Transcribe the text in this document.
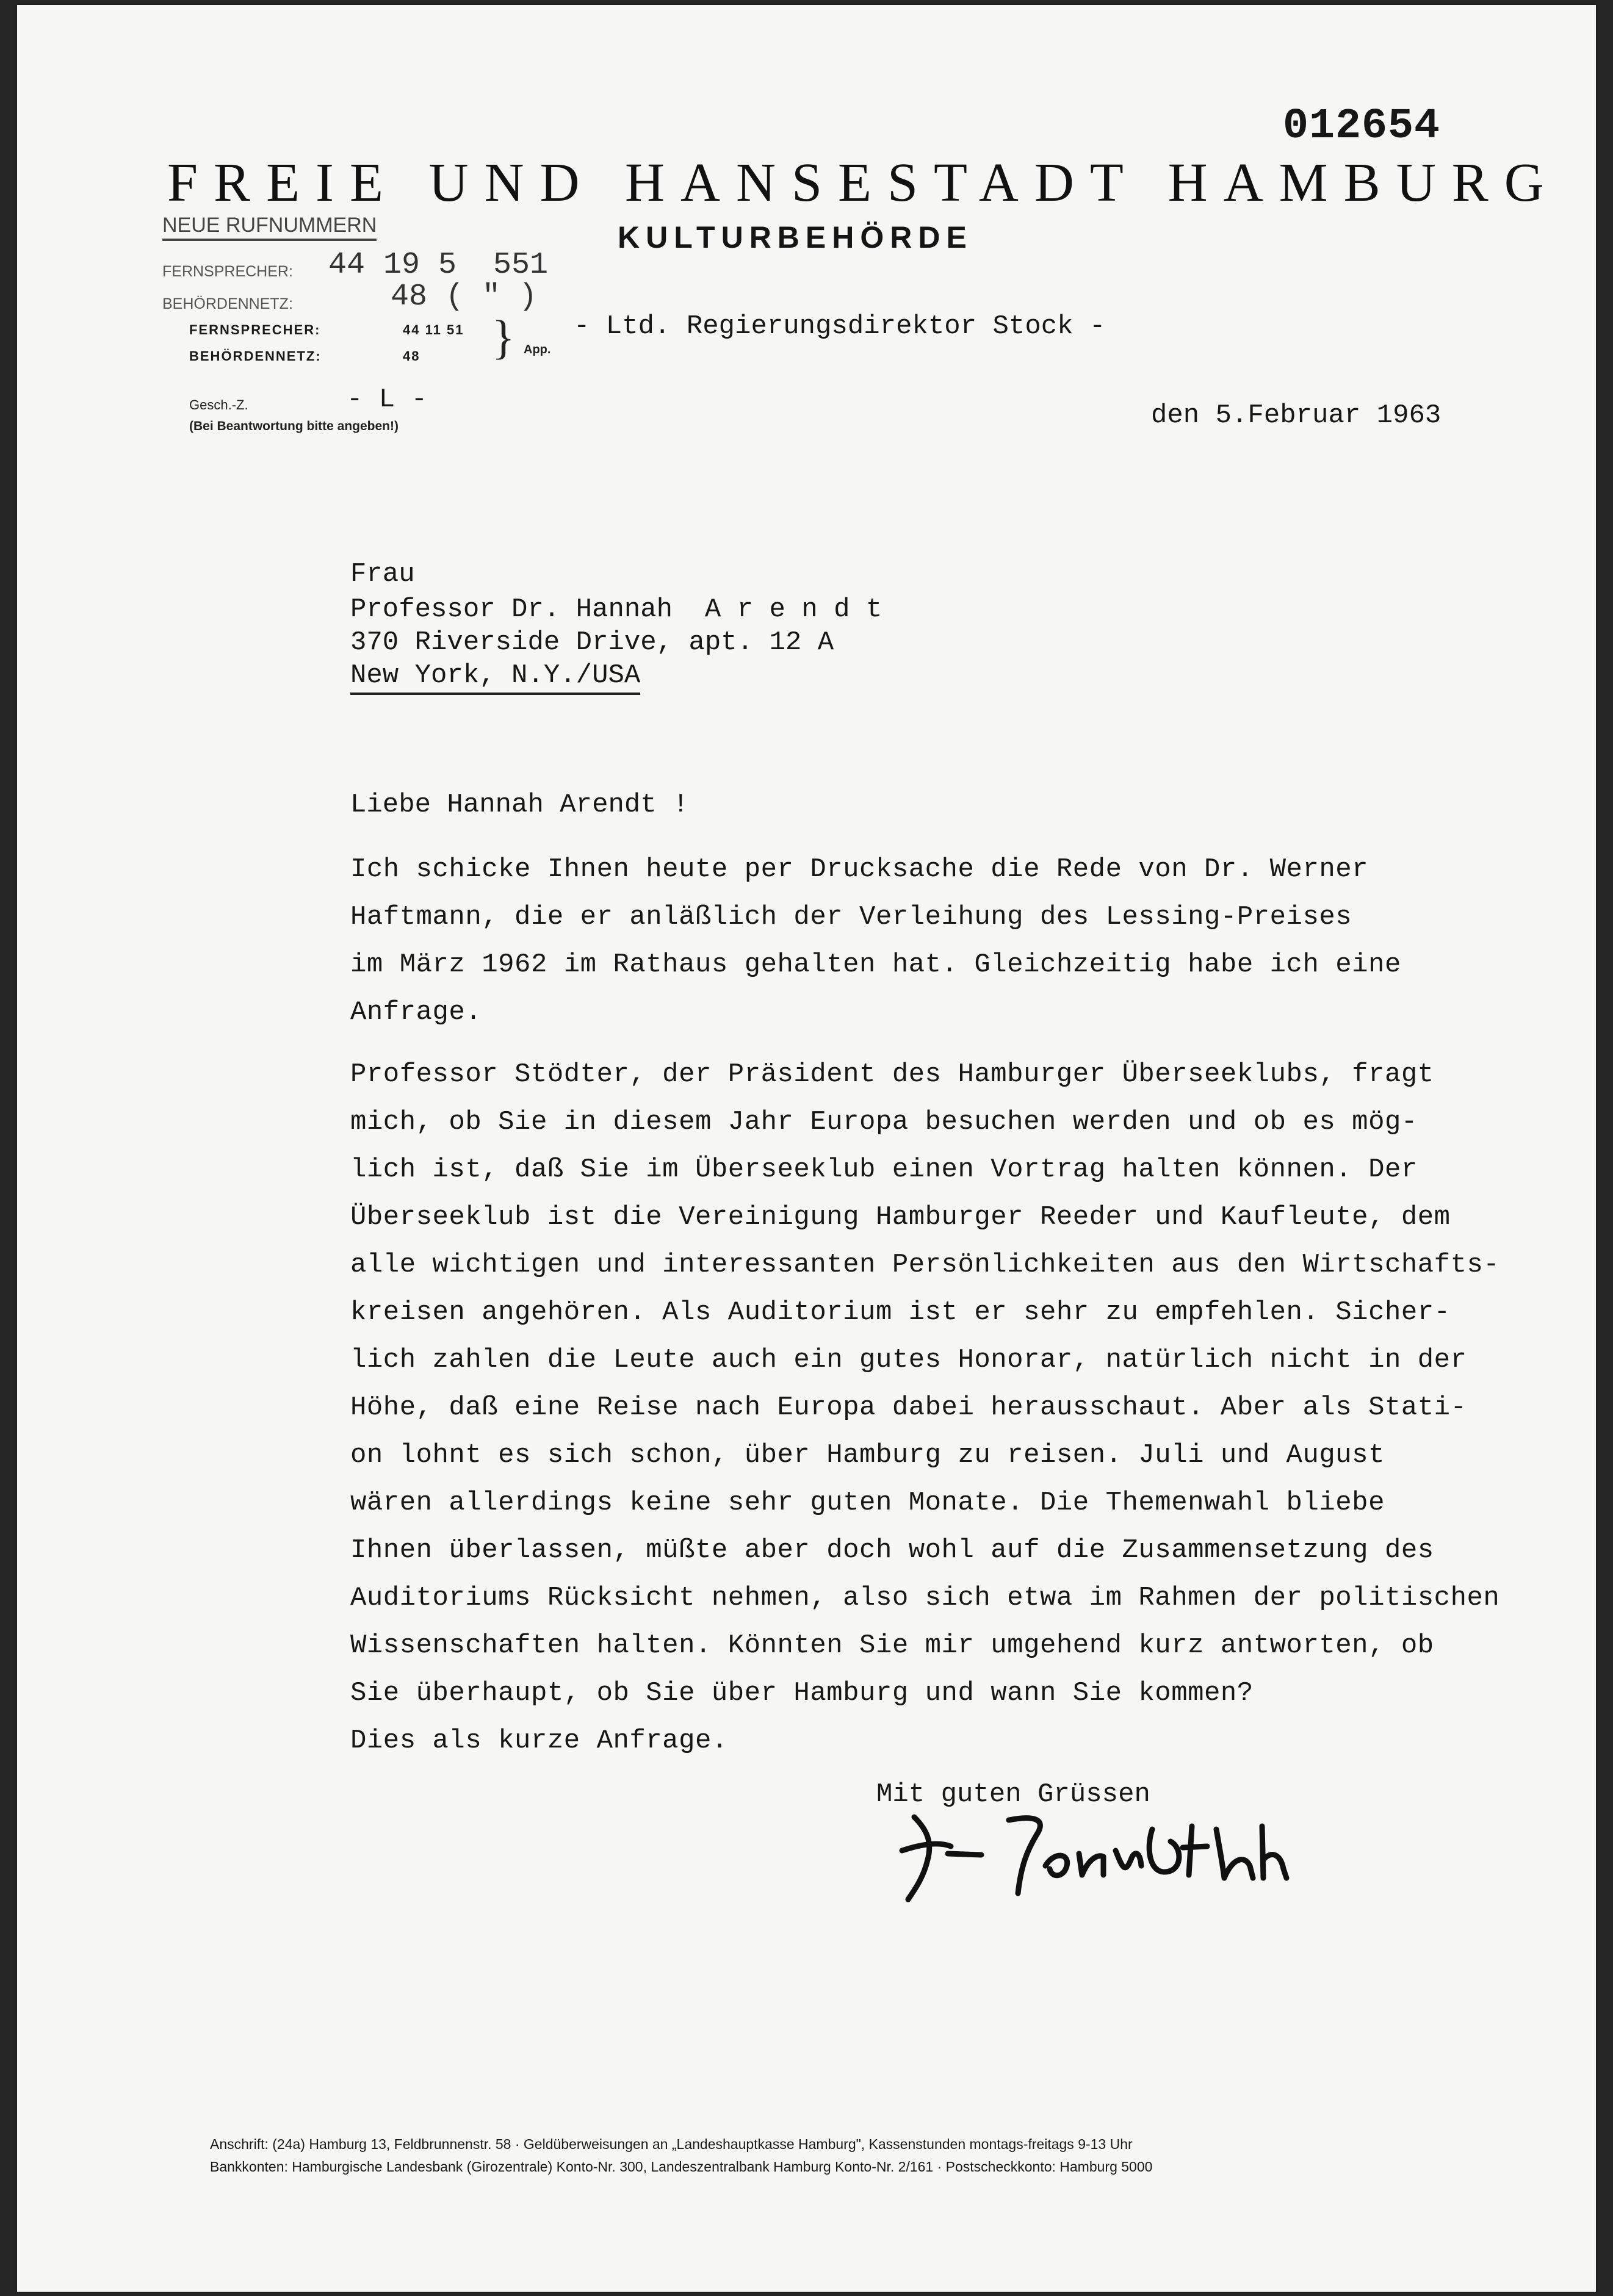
012654
FREIE UND HANSESTADT HAMBURG
KULTURBEHÖRDE
NEUE RUFNUMMERN
FERNSPRECHER: 44 19 5  551
BEHÖRDENNETZ:	48 ( " )
FERNSPRECHER:	44 11 51
BEHÖRDENNETZ:	48 } App.
- Ltd. Regierungsdirektor Stock -
Gesch.-Z.	- L -
(Bei Beantwortung bitte angeben!)	den 5.Februar 1963
Frau
Professor Dr. Hannah  A r e n d t
370 Riverside Drive, apt. 12 A
New York, N.Y./USA
Liebe Hannah Arendt !
Ich schicke Ihnen heute per Drucksache die Rede von Dr. Werner
Haftmann, die er anläßlich der Verleihung des Lessing-Preises
im März 1962 im Rathaus gehalten hat. Gleichzeitig habe ich eine
Anfrage.
Professor Stödter, der Präsident des Hamburger Überseeklubs, fragt
mich, ob Sie in diesem Jahr Europa besuchen werden und ob es mög-
lich ist, daß Sie im Überseeklub einen Vortrag halten können. Der
Überseeklub ist die Vereinigung Hamburger Reeder und Kaufleute, dem
alle wichtigen und interessanten Persönlichkeiten aus den Wirtschafts-
kreisen angehören. Als Auditorium ist er sehr zu empfehlen. Sicher-
lich zahlen die Leute auch ein gutes Honorar, natürlich nicht in der
Höhe, daß eine Reise nach Europa dabei herausschaut. Aber als Stati-
on lohnt es sich schon, über Hamburg zu reisen. Juli und August
wären allerdings keine sehr guten Monate. Die Themenwahl bliebe
Ihnen überlassen, müßte aber doch wohl auf die Zusammensetzung des
Auditoriums Rücksicht nehmen, also sich etwa im Rahmen der politischen
Wissenschaften halten. Könnten Sie mir umgehend kurz antworten, ob
Sie überhaupt, ob Sie über Hamburg und wann Sie kommen?
Dies als kurze Anfrage.
Mit guten Grüssen
Anschrift: (24a) Hamburg 13, Feldbrunnenstr. 58 · Geldüberweisungen an „Landeshauptkasse Hamburg", Kassenstunden montags-freitags 9-13 Uhr
Bankkonten: Hamburgische Landesbank (Girozentrale) Konto-Nr. 300, Landeszentralbank Hamburg Konto-Nr. 2/161 · Postscheckkonto: Hamburg 5000
